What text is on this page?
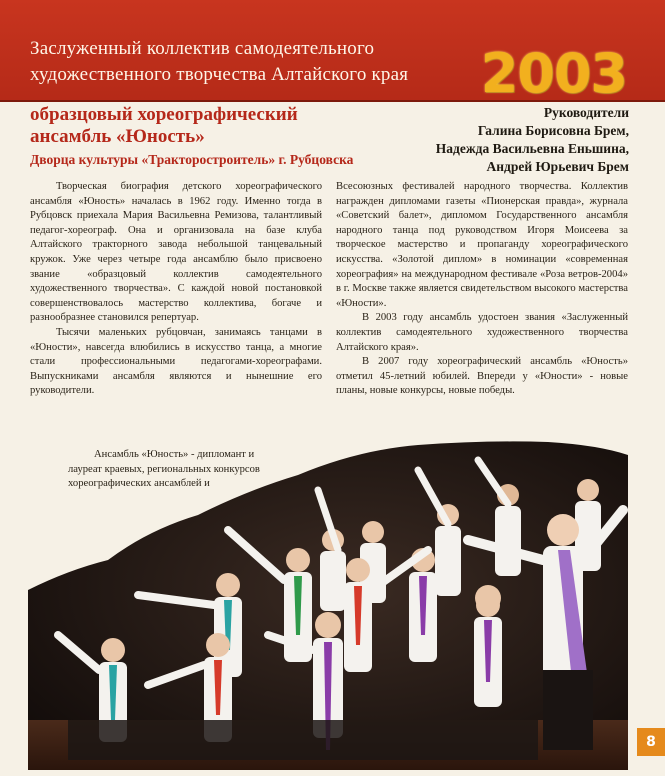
Заслуженный коллектив самодеятельного
художественного творчества Алтайского края 2003
образцовый хореографический
ансамбль «Юность»
Дворца культуры «Тракторостроитель» г. Рубцовска
Руководители
Галина Борисовна Брем,
Надежда Васильевна Еньшина,
Андрей Юрьевич Брем

Творческая биография детского хореографического ансамбля «Юность» началась в 1962 году. Именно тогда в Рубцовск приехала Мария Васильевна Ремизова, талантливый педагог-хореограф. Она и организовала на базе клуба Алтайского тракторного завода небольшой танцевальный кружок. Уже через четыре года ансамблю было присвоено звание «образцовый коллектив самодеятельного художественного творчества». С каждой новой постановкой совершенствовалось мастерство коллектива, богаче и разнообразнее становился репертуар.

Тысячи маленьких рубцовчан, занимаясь танцами в «Юности», навсегда влюбились в искусство танца, а многие стали профессиональными педагогами-хореографами. Выпускниками ансамбля являются и нынешние его руководители.

Всесоюзных фестивалей народного творчества. Коллектив награжден дипломами газеты «Пионерская правда», журнала «Советский балет», дипломом Государственного ансамбля народного танца под руководством Игоря Моисеева за творческое мастерство и пропаганду хореографического искусства. «Золотой диплом» в номинации «современная хореография» на международном фестивале «Роза ветров-2004» в г. Москве также является свидетельством высокого мастерства «Юности».

В 2003 году ансамбль удостоен звания «Заслуженный коллектив самодеятельного художественного творчества Алтайского края».

В 2007 году хореографический ансамбль «Юность» отметил 45-летний юбилей. Впереди у «Юности» - новые планы, новые конкурсы, новые победы.

Ансамбль «Юность» - дипломант и лауреат краевых, региональных конкурсов хореографических ансамблей и

8
